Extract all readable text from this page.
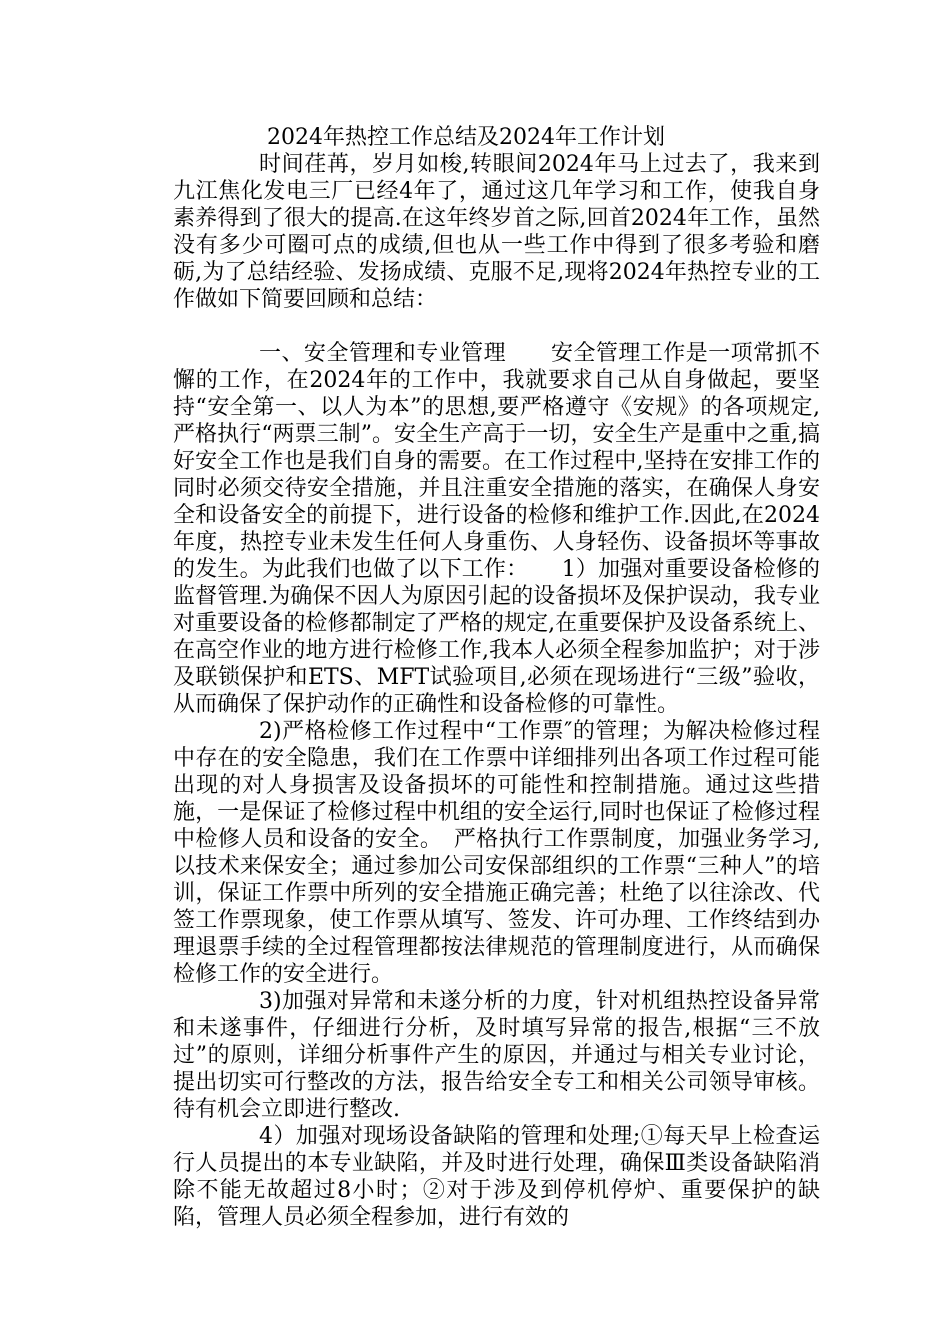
2024年热控工作总结及2024年工作计划

时间荏苒，岁月如梭,转眼间2024年马上过去了，我来到九江焦化发电三厂已经4年了，通过这几年学习和工作，使我自身素养得到了很大的提高.在这年终岁首之际,回首2024年工作，虽然没有多少可圈可点的成绩,但也从一些工作中得到了很多考验和磨砺,为了总结经验、发扬成绩、克服不足,现将2024年热控专业的工作做如下简要回顾和总结：

一、安全管理和专业管理　　安全管理工作是一项常抓不懈的工作，在2024年的工作中，我就要求自己从自身做起，要坚持“安全第一、以人为本”的思想,要严格遵守《安规》的各项规定,严格执行“两票三制”。安全生产高于一切，安全生产是重中之重,搞好安全工作也是我们自身的需要。在工作过程中,坚持在安排工作的同时必须交待安全措施，并且注重安全措施的落实，在确保人身安全和设备安全的前提下，进行设备的检修和维护工作.因此,在2024年度，热控专业未发生任何人身重伤、人身轻伤、设备损坏等事故的发生。为此我们也做了以下工作：　　1）加强对重要设备检修的监督管理.为确保不因人为原因引起的设备损坏及保护误动，我专业对重要设备的检修都制定了严格的规定,在重要保护及设备系统上、在高空作业的地方进行检修工作,我本人必须全程参加监护；对于涉及联锁保护和ETS、MFT试验项目,必须在现场进行“三级”验收，从而确保了保护动作的正确性和设备检修的可靠性。

2)严格检修工作过程中“工作票″的管理；为解决检修过程中存在的安全隐患，我们在工作票中详细排列出各项工作过程可能出现的对人身损害及设备损坏的可能性和控制措施。通过这些措施，一是保证了检修过程中机组的安全运行,同时也保证了检修过程中检修人员和设备的安全。　严格执行工作票制度，加强业务学习,以技术来保安全；通过参加公司安保部组织的工作票“三种人”的培训，保证工作票中所列的安全措施正确完善；杜绝了以往涂改、代签工作票现象，使工作票从填写、签发、许可办理、工作终结到办理退票手续的全过程管理都按法律规范的管理制度进行，从而确保检修工作的安全进行。

3)加强对异常和未遂分析的力度，针对机组热控设备异常和未遂事件，仔细进行分析，及时填写异常的报告,根据“三不放过”的原则，详细分析事件产生的原因，并通过与相关专业讨论，提出切实可行整改的方法，报告给安全专工和相关公司领导审核。待有机会立即进行整改.

4）加强对现场设备缺陷的管理和处理;①每天早上检查运行人员提出的本专业缺陷，并及时进行处理，确保Ⅲ类设备缺陷消除不能无故超过8小时；②对于涉及到停机停炉、重要保护的缺陷，管理人员必须全程参加，进行有效的
